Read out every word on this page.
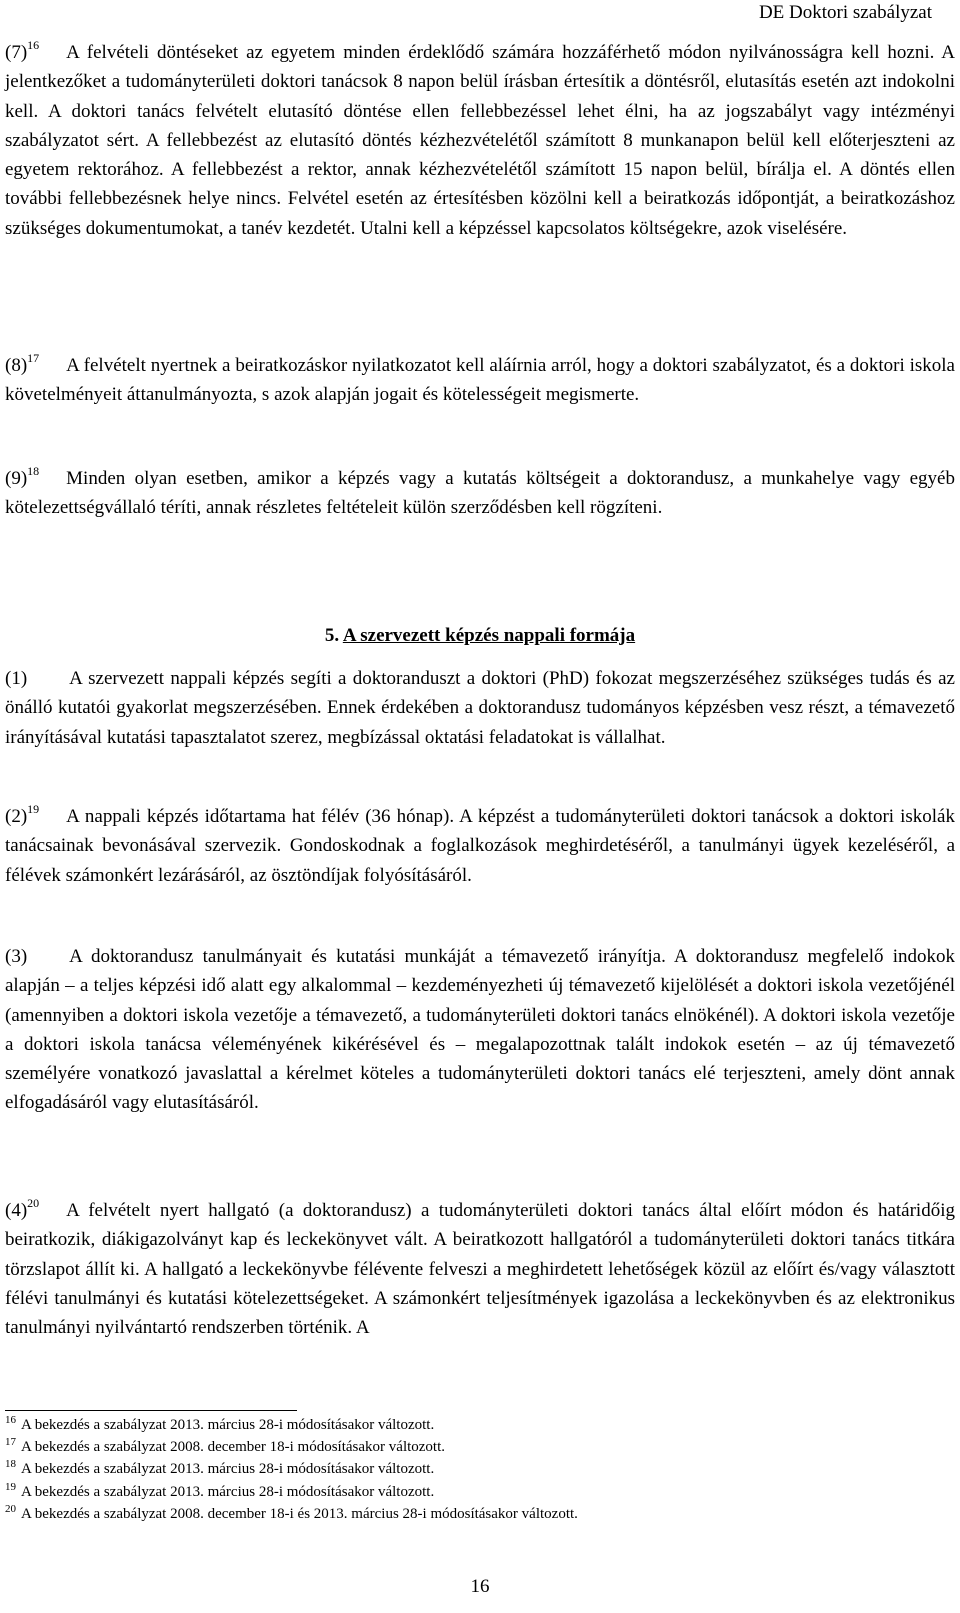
DE Doktori szabályzat
$(7)^{16}$ A felvételi döntéseket az egyetem minden érdeklődő számára hozzáférhető módon nyilvánosságra kell hozni. A jelentkezőket a tudományterületi doktori tanácsok 8 napon belül írásban értesítik a döntésről, elutasítás esetén azt indokolni kell. A doktori tanács felvételt elutasító döntése ellen fellebbezéssel lehet élni, ha az jogszabályt vagy intézményi szabályzatot sért. A fellebbezést az elutasító döntés kézhezvételétől számított 8 munkanapon belül kell előterjeszteni az egyetem rektorához. A fellebbezést a rektor, annak kézhezvételétől számított 15 napon belül, bírálja el. A döntés ellen további fellebbezésnek helye nincs. Felvétel esetén az értesítésben közölni kell a beiratkozás időpontját, a beiratkozáshoz szükséges dokumentumokat, a tanév kezdetét. Utalni kell a képzéssel kapcsolatos költségekre, azok viselésére.
$(8)^{17}$ A felvételt nyertnek a beiratkozáskor nyilatkozatot kell aláírnia arról, hogy a doktori szabályzatot, és a doktori iskola követelményeit áttanulmányozta, s azok alapján jogait és kötelességeit megismerte.
$(9)^{18}$ Minden olyan esetben, amikor a képzés vagy a kutatás költségeit a doktorandusz, a munkahelye vagy egyéb kötelezettségvállaló téríti, annak részletes feltételeit külön szerződésben kell rögzíteni.
5. A szervezett képzés nappali formája
(1) A szervezett nappali képzés segíti a doktoranduszt a doktori (PhD) fokozat megszerzéséhez szükséges tudás és az önálló kutatói gyakorlat megszerzésében. Ennek érdekében a doktorandusz tudományos képzésben vesz részt, a témavezető irányításával kutatási tapasztalatot szerez, megbízással oktatási feladatokat is vállalhat.
$(2)^{19}$ A nappali képzés időtartama hat félév (36 hónap). A képzést a tudományterületi doktori tanácsok a doktori iskolák tanácsainak bevonásával szervezik. Gondoskodnak a foglalkozások meghirdetéséről, a tanulmányi ügyek kezeléséről, a félévek számonkért lezárásáról, az ösztöndíjak folyósításáról.
(3) A doktorandusz tanulmányait és kutatási munkáját a témavezető irányítja. A doktorandusz megfelelő indokok alapján – a teljes képzési idő alatt egy alkalommal – kezdeményezheti új témavezető kijelölését a doktori iskola vezetőjénél (amennyiben a doktori iskola vezetője a témavezető, a tudományterületi doktori tanács elnökénél). A doktori iskola vezetője a doktori iskola tanácsa véleményének kikérésével és – megalapozottnak talált indokok esetén – az új témavezető személyére vonatkozó javaslattal a kérelmet köteles a tudományterületi doktori tanács elé terjeszteni, amely dönt annak elfogadásáról vagy elutasításáról.
$(4)^{20}$ A felvételt nyert hallgató (a doktorandusz) a tudományterületi doktori tanács által előírt módon és határidőig beiratkozik, diákigazolványt kap és leckekönyvet vált. A beiratkozott hallgatóról a tudományterületi doktori tanács titkára törzslapot állít ki. A hallgató a leckekönyvbe félévente felveszi a meghirdetett lehetőségek közül az előírt és/vagy választott félévi tanulmányi és kutatási kötelezettségeket. A számonkért teljesítmények igazolása a leckekönyvben és az elektronikus tanulmányi nyilvántartó rendszerben történik. A
$^{16}$ A bekezdés a szabályzat 2013. március 28-i módosításakor változott.
$^{17}$ A bekezdés a szabályzat 2008. december 18-i módosításakor változott.
$^{18}$ A bekezdés a szabályzat 2013. március 28-i módosításakor változott.
$^{19}$ A bekezdés a szabályzat 2013. március 28-i módosításakor változott.
$^{20}$ A bekezdés a szabályzat 2008. december 18-i és 2013. március 28-i módosításakor változott.
16
